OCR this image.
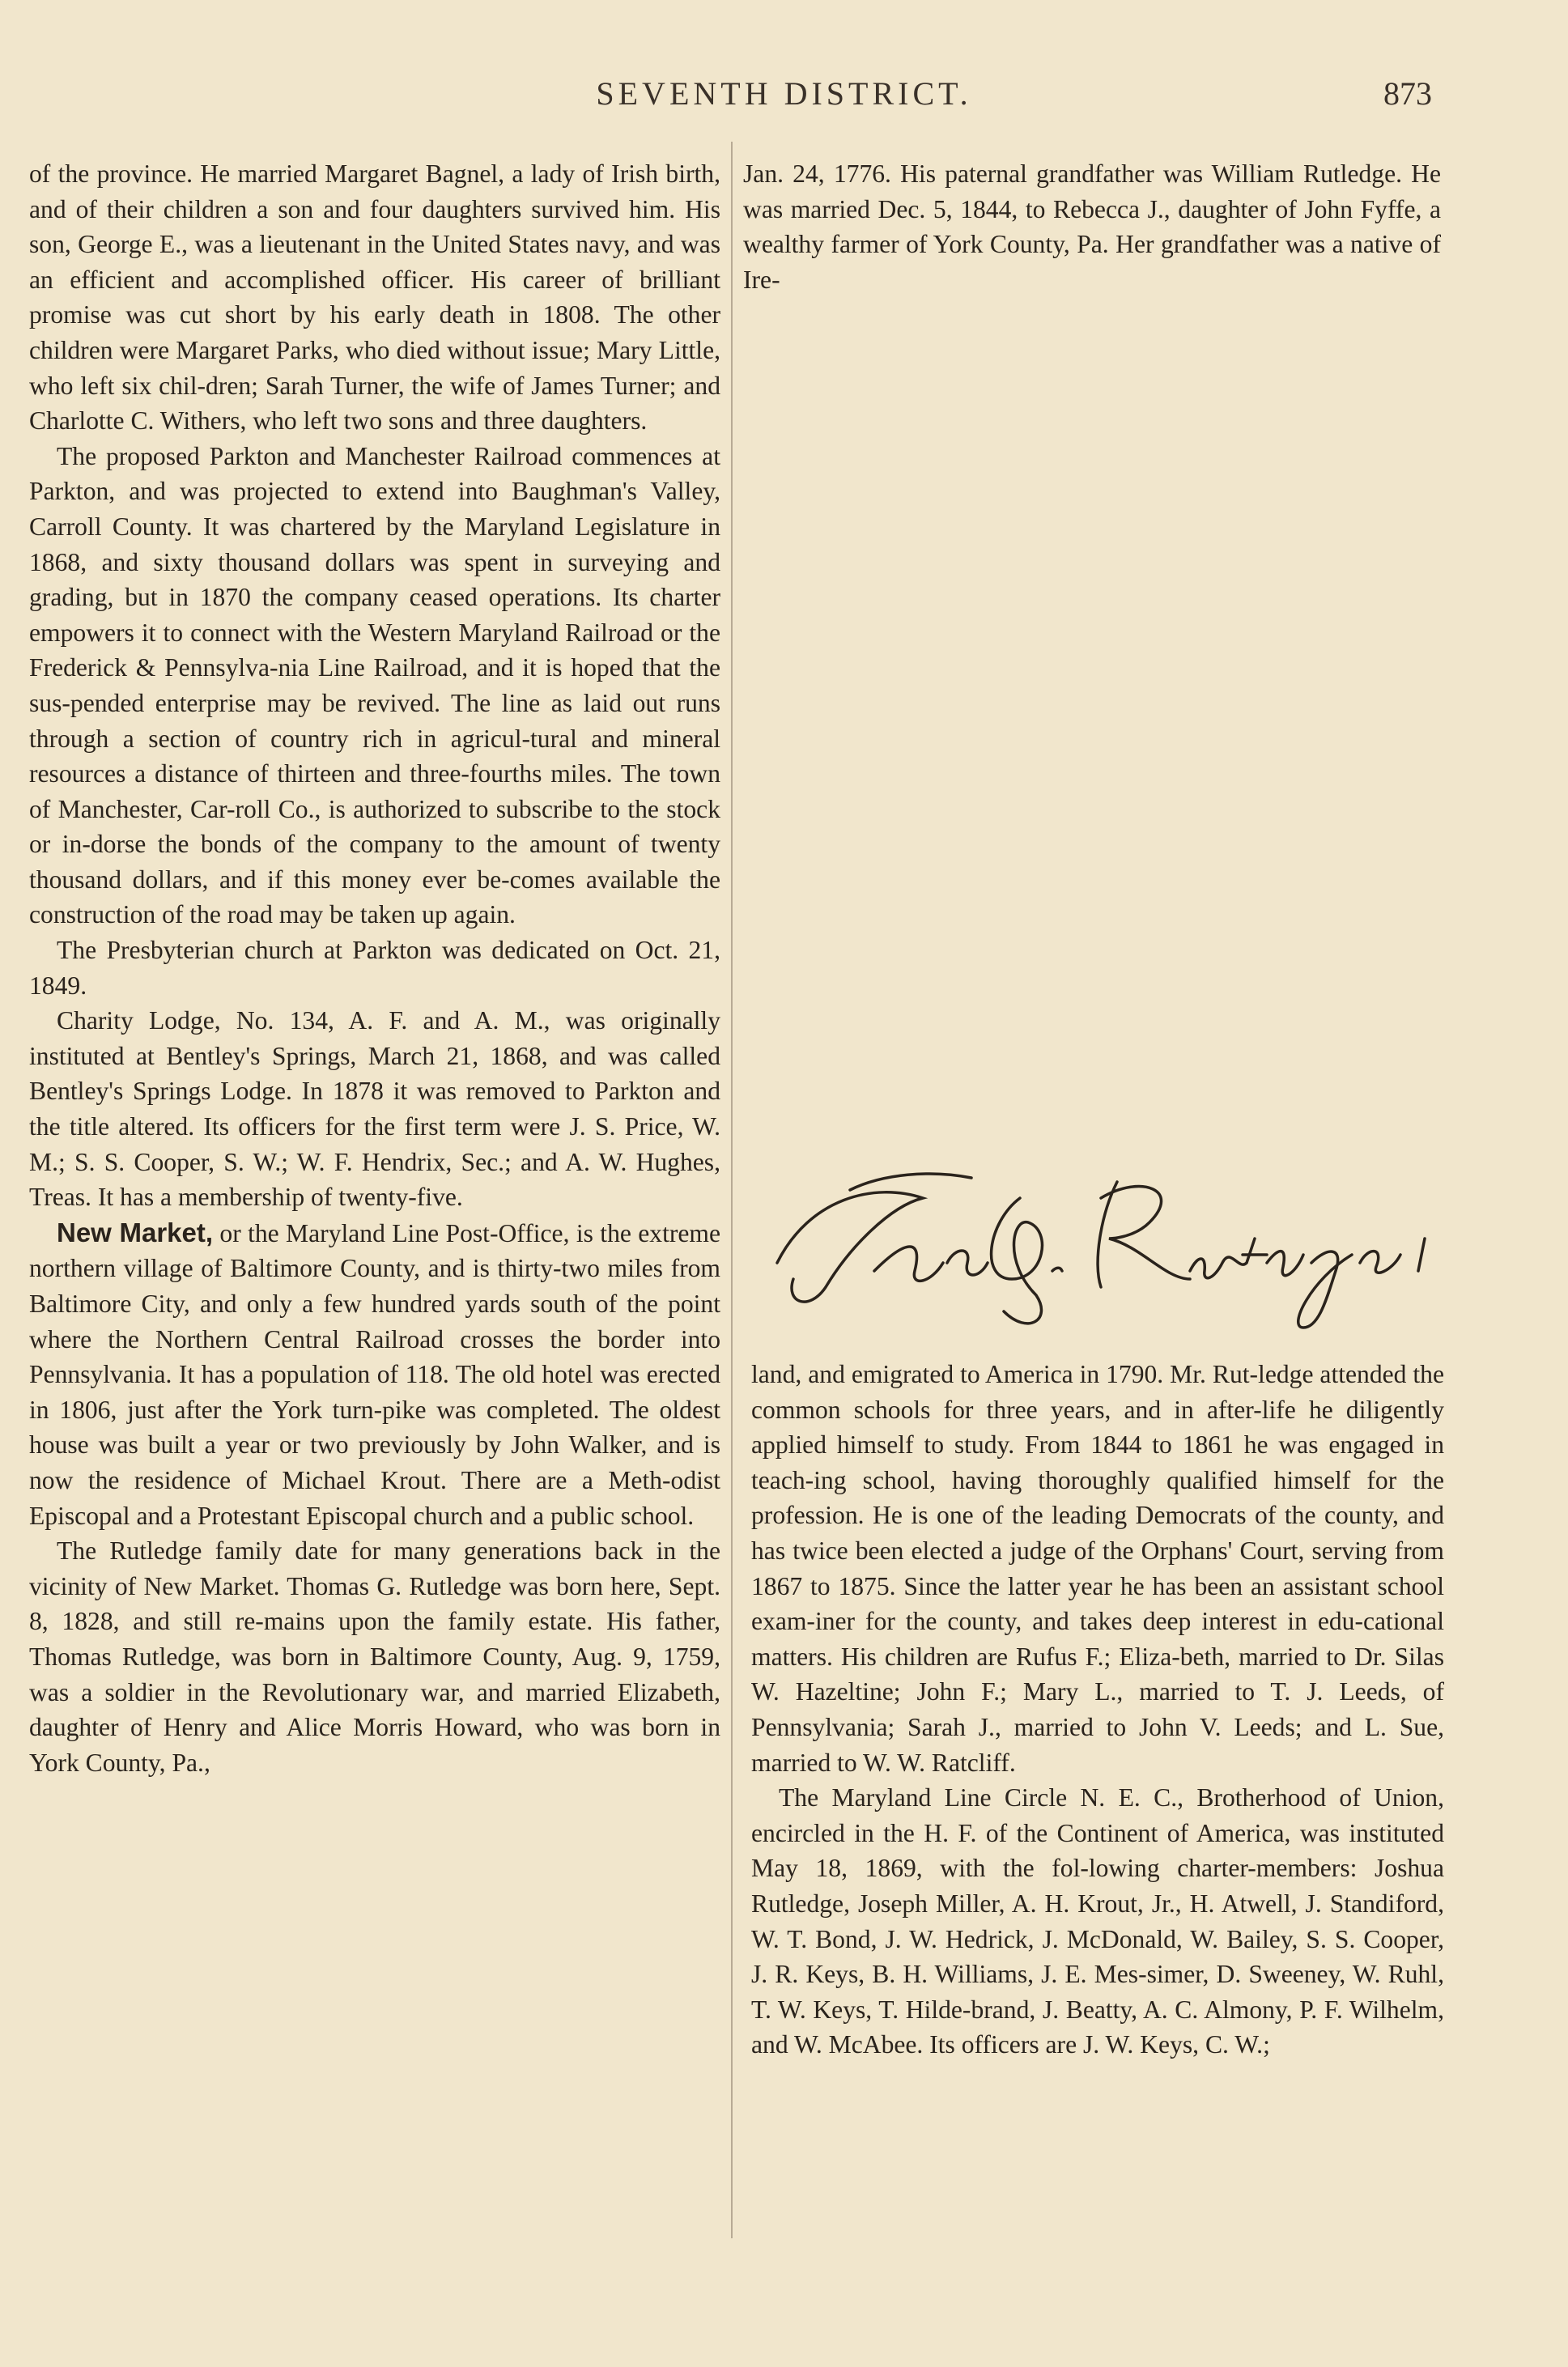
SEVENTH DISTRICT.	873

of the province. He married Margaret Bagnel, a lady of Irish birth, and of their children a son and four daughters survived him. His son, George E., was a lieutenant in the United States navy, and was an efficient and accomplished officer. His career of brilliant promise was cut short by his early death in 1808. The other children were Margaret Parks, who died without issue; Mary Little, who left six chil-dren; Sarah Turner, the wife of James Turner; and Charlotte C. Withers, who left two sons and three daughters.

The proposed Parkton and Manchester Railroad commences at Parkton, and was projected to extend into Baughman's Valley, Carroll County. It was chartered by the Maryland Legislature in 1868, and sixty thousand dollars was spent in surveying and grading, but in 1870 the company ceased operations. Its charter empowers it to connect with the Western Maryland Railroad or the Frederick & Pennsylva-nia Line Railroad, and it is hoped that the sus-pended enterprise may be revived. The line as laid out runs through a section of country rich in agricul-tural and mineral resources a distance of thirteen and three-fourths miles. The town of Manchester, Car-roll Co., is authorized to subscribe to the stock or in-dorse the bonds of the company to the amount of twenty thousand dollars, and if this money ever be-comes available the construction of the road may be taken up again.

The Presbyterian church at Parkton was dedicated on Oct. 21, 1849.

Charity Lodge, No. 134, A. F. and A. M., was originally instituted at Bentley's Springs, March 21, 1868, and was called Bentley's Springs Lodge. In 1878 it was removed to Parkton and the title altered. Its officers for the first term were J. S. Price, W. M.; S. S. Cooper, S. W.; W. F. Hendrix, Sec.; and A. W. Hughes, Treas. It has a membership of twenty-five.

New Market, or the Maryland Line Post-Office, is the extreme northern village of Baltimore County, and is thirty-two miles from Baltimore City, and only a few hundred yards south of the point where the Northern Central Railroad crosses the border into Pennsylvania. It has a population of 118. The old hotel was erected in 1806, just after the York turn-pike was completed. The oldest house was built a year or two previously by John Walker, and is now the residence of Michael Krout. There are a Meth-odist Episcopal and a Protestant Episcopal church and a public school.

The Rutledge family date for many generations back in the vicinity of New Market. Thomas G. Rutledge was born here, Sept. 8, 1828, and still re-mains upon the family estate. His father, Thomas Rutledge, was born in Baltimore County, Aug. 9, 1759, was a soldier in the Revolutionary war, and married Elizabeth, daughter of Henry and Alice Morris Howard, who was born in York County, Pa.,

Jan. 24, 1776. His paternal grandfather was William Rutledge. He was married Dec. 5, 1844, to Rebecca J., daughter of John Fyffe, a wealthy farmer of York County, Pa. Her grandfather was a native of Ire-

land, and emigrated to America in 1790. Mr. Rut-ledge attended the common schools for three years, and in after-life he diligently applied himself to study. From 1844 to 1861 he was engaged in teach-ing school, having thoroughly qualified himself for the profession. He is one of the leading Democrats of the county, and has twice been elected a judge of the Orphans' Court, serving from 1867 to 1875. Since the latter year he has been an assistant school exam-iner for the county, and takes deep interest in edu-cational matters. His children are Rufus F.; Eliza-beth, married to Dr. Silas W. Hazeltine; John F.; Mary L., married to T. J. Leeds, of Pennsylvania; Sarah J., married to John V. Leeds; and L. Sue, married to W. W. Ratcliff.

The Maryland Line Circle N. E. C., Brotherhood of Union, encircled in the H. F. of the Continent of America, was instituted May 18, 1869, with the fol-lowing charter-members: Joshua Rutledge, Joseph Miller, A. H. Krout, Jr., H. Atwell, J. Standiford, W. T. Bond, J. W. Hedrick, J. McDonald, W. Bailey, S. S. Cooper, J. R. Keys, B. H. Williams, J. E. Mes-simer, D. Sweeney, W. Ruhl, T. W. Keys, T. Hilde-brand, J. Beatty, A. C. Almony, P. F. Wilhelm, and W. McAbee. Its officers are J. W. Keys, C. W.;
